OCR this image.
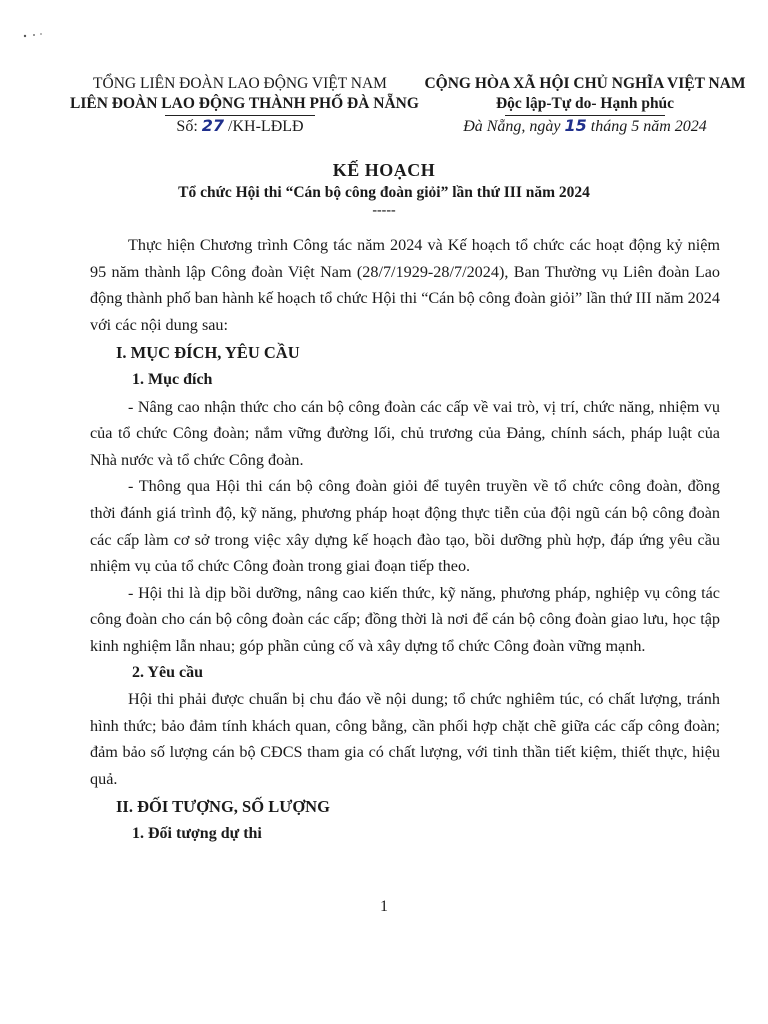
TỔNG LIÊN ĐOÀN LAO ĐỘNG VIỆT NAM
LIÊN ĐOÀN LAO ĐỘNG THÀNH PHỐ ĐÀ NẴNG
CỘNG HÒA XÃ HỘI CHỦ NGHĨA VIỆT NAM
Độc lập-Tự do- Hạnh phúc
Số: 27 /KH-LĐLĐ	Đà Nẵng, ngày 15 tháng 5 năm 2024
KẾ HOẠCH
Tổ chức Hội thi “Cán bộ công đoàn giỏi” lần thứ III năm 2024
-----

Thực hiện Chương trình Công tác năm 2024 và Kế hoạch tổ chức các hoạt động kỷ niệm 95 năm thành lập Công đoàn Việt Nam (28/7/1929-28/7/2024), Ban Thường vụ Liên đoàn Lao động thành phố ban hành kế hoạch tổ chức Hội thi “Cán bộ công đoàn giỏi” lần thứ III năm 2024 với các nội dung sau:

I. MỤC ĐÍCH, YÊU CẦU

1. Mục đích

- Nâng cao nhận thức cho cán bộ công đoàn các cấp về vai trò, vị trí, chức năng, nhiệm vụ của tổ chức Công đoàn; nắm vững đường lối, chủ trương của Đảng, chính sách, pháp luật của Nhà nước và tổ chức Công đoàn.

- Thông qua Hội thi cán bộ công đoàn giỏi để tuyên truyền về tổ chức công đoàn, đồng thời đánh giá trình độ, kỹ năng, phương pháp hoạt động thực tiễn của đội ngũ cán bộ công đoàn các cấp làm cơ sở trong việc xây dựng kế hoạch đào tạo, bồi dưỡng phù hợp, đáp ứng yêu cầu nhiệm vụ của tổ chức Công đoàn trong giai đoạn tiếp theo.

- Hội thi là dịp bồi dưỡng, nâng cao kiến thức, kỹ năng, phương pháp, nghiệp vụ công tác công đoàn cho cán bộ công đoàn các cấp; đồng thời là nơi để cán bộ công đoàn giao lưu, học tập kinh nghiệm lẫn nhau; góp phần củng cố và xây dựng tổ chức Công đoàn vững mạnh.

2. Yêu cầu

Hội thi phải được chuẩn bị chu đáo về nội dung; tổ chức nghiêm túc, có chất lượng, tránh hình thức; bảo đảm tính khách quan, công bằng, cần phối hợp chặt chẽ giữa các cấp công đoàn; đảm bảo số lượng cán bộ CĐCS tham gia có chất lượng, với tinh thần tiết kiệm, thiết thực, hiệu quả.

II. ĐỐI TƯỢNG, SỐ LƯỢNG

1. Đối tượng dự thi

1
